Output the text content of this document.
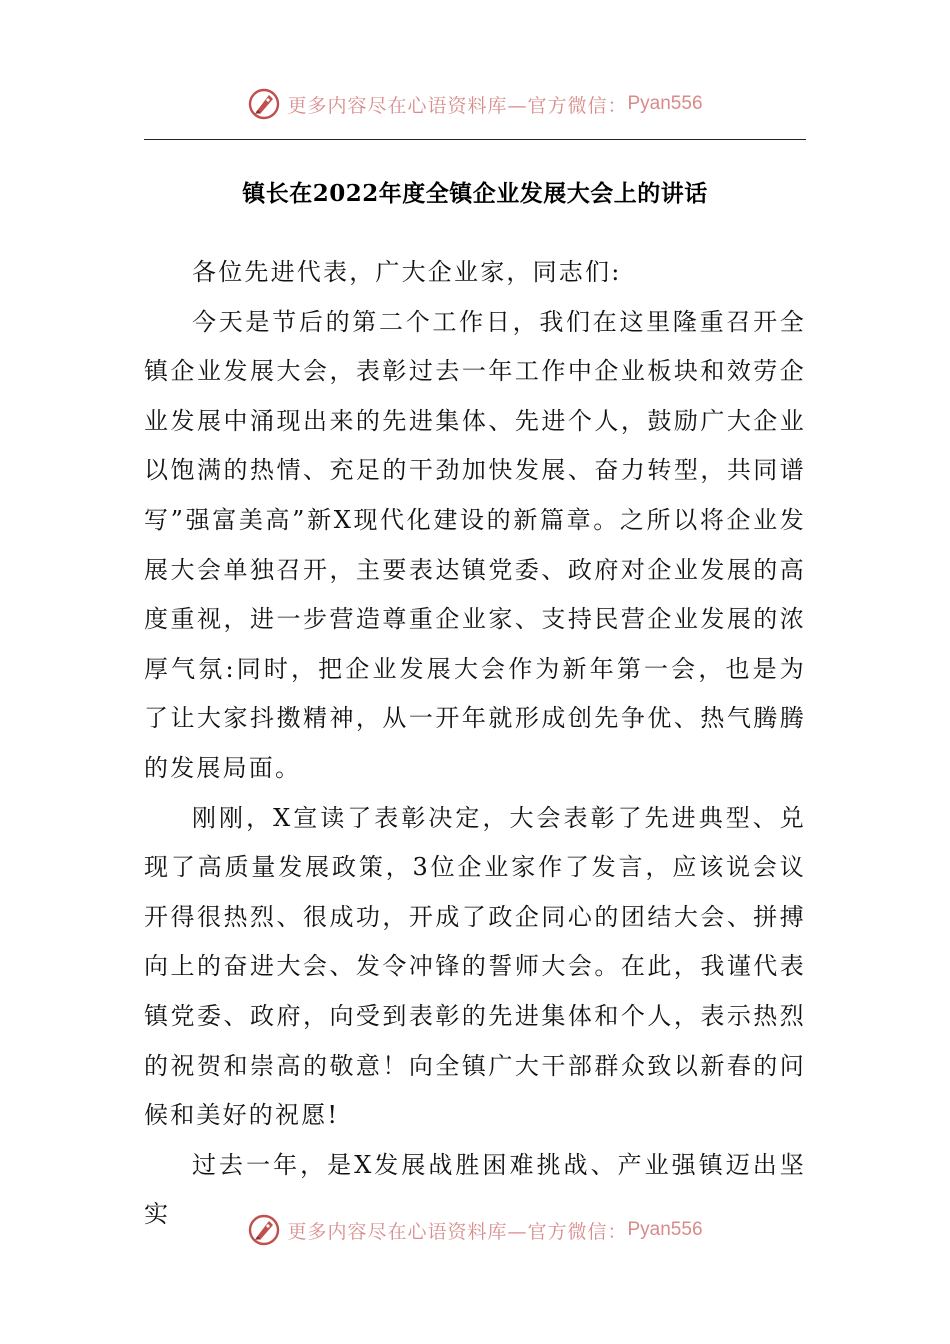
更多内容尽在心语资料库—官方微信： Pyan556
镇长在2022年度全镇企业发展大会上的讲话

各位先进代表，广大企业家，同志们:

今天是节后的第二个工作日，我们在这里隆重召开全镇企业发展大会，表彰过去一年工作中企业板块和效劳企业发展中涌现出来的先进集体、先进个人，鼓励广大企业以饱满的热情、充足的干劲加快发展、奋力转型，共同谱写”强富美高”新X现代化建设的新篇章。之所以将企业发展大会单独召开，主要表达镇党委、政府对企业发展的高度重视，进一步营造尊重企业家、支持民营企业发展的浓厚气氛:同时，把企业发展大会作为新年第一会，也是为了让大家抖擞精神，从一开年就形成创先争优、热气腾腾的发展局面。

刚刚，X宣读了表彰决定，大会表彰了先进典型、兑现了高质量发展政策，3位企业家作了发言，应该说会议开得很热烈、很成功，开成了政企同心的团结大会、拼搏向上的奋进大会、发令冲锋的誓师大会。在此，我谨代表镇党委、政府，向受到表彰的先进集体和个人，表示热烈的祝贺和崇高的敬意！向全镇广大干部群众致以新春的问候和美好的祝愿!

过去一年，是X发展战胜困难挑战、产业强镇迈出坚实

更多内容尽在心语资料库—官方微信： Pyan556
